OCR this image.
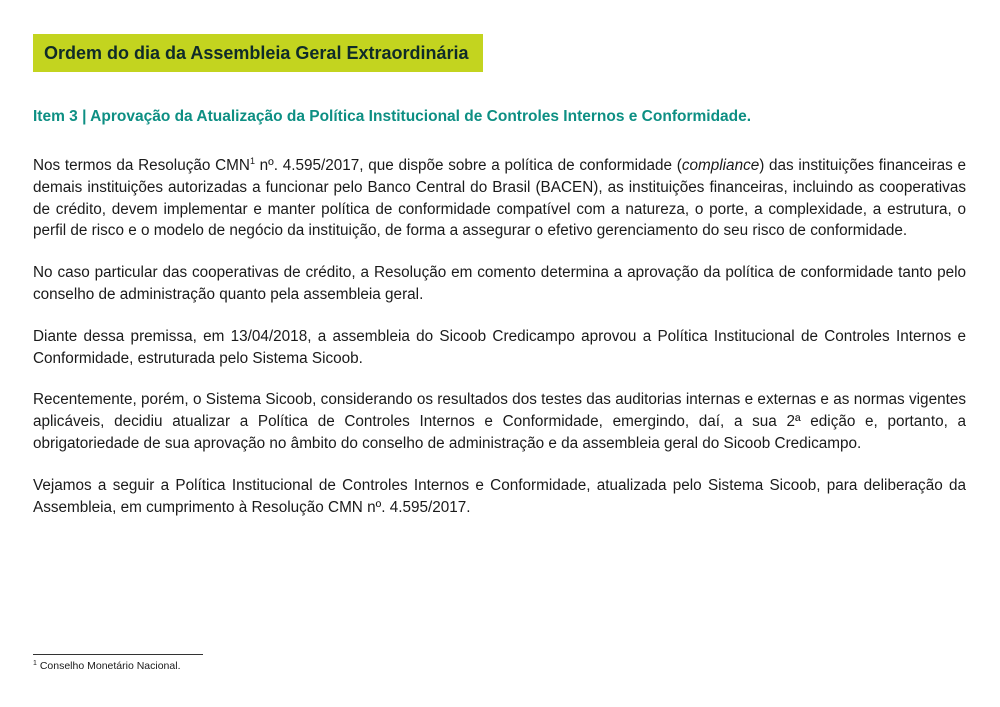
Ordem do dia da Assembleia Geral Extraordinária
Item 3 | Aprovação da Atualização da Política Institucional de Controles Internos e Conformidade.

Nos termos da Resolução CMN$^1$ nº. 4.595/2017, que dispõe sobre a política de conformidade (compliance) das instituições financeiras e demais instituições autorizadas a funcionar pelo Banco Central do Brasil (BACEN), as instituições financeiras, incluindo as cooperativas de crédito, devem implementar e manter política de conformidade compatível com a natureza, o porte, a complexidade, a estrutura, o perfil de risco e o modelo de negócio da instituição, de forma a assegurar o efetivo gerenciamento do seu risco de conformidade.

No caso particular das cooperativas de crédito, a Resolução em comento determina a aprovação da política de conformidade tanto pelo conselho de administração quanto pela assembleia geral.

Diante dessa premissa, em 13/04/2018, a assembleia do Sicoob Credicampo aprovou a Política Institucional de Controles Internos e Conformidade, estruturada pelo Sistema Sicoob.

Recentemente, porém, o Sistema Sicoob, considerando os resultados dos testes das auditorias internas e externas e as normas vigentes aplicáveis, decidiu atualizar a Política de Controles Internos e Conformidade, emergindo, daí, a sua 2ª edição e, portanto, a obrigatoriedade de sua aprovação no âmbito do conselho de administração e da assembleia geral do Sicoob Credicampo.

Vejamos a seguir a Política Institucional de Controles Internos e Conformidade, atualizada pelo Sistema Sicoob, para deliberação da Assembleia, em cumprimento à Resolução CMN nº. 4.595/2017.

$^1$ Conselho Monetário Nacional.
